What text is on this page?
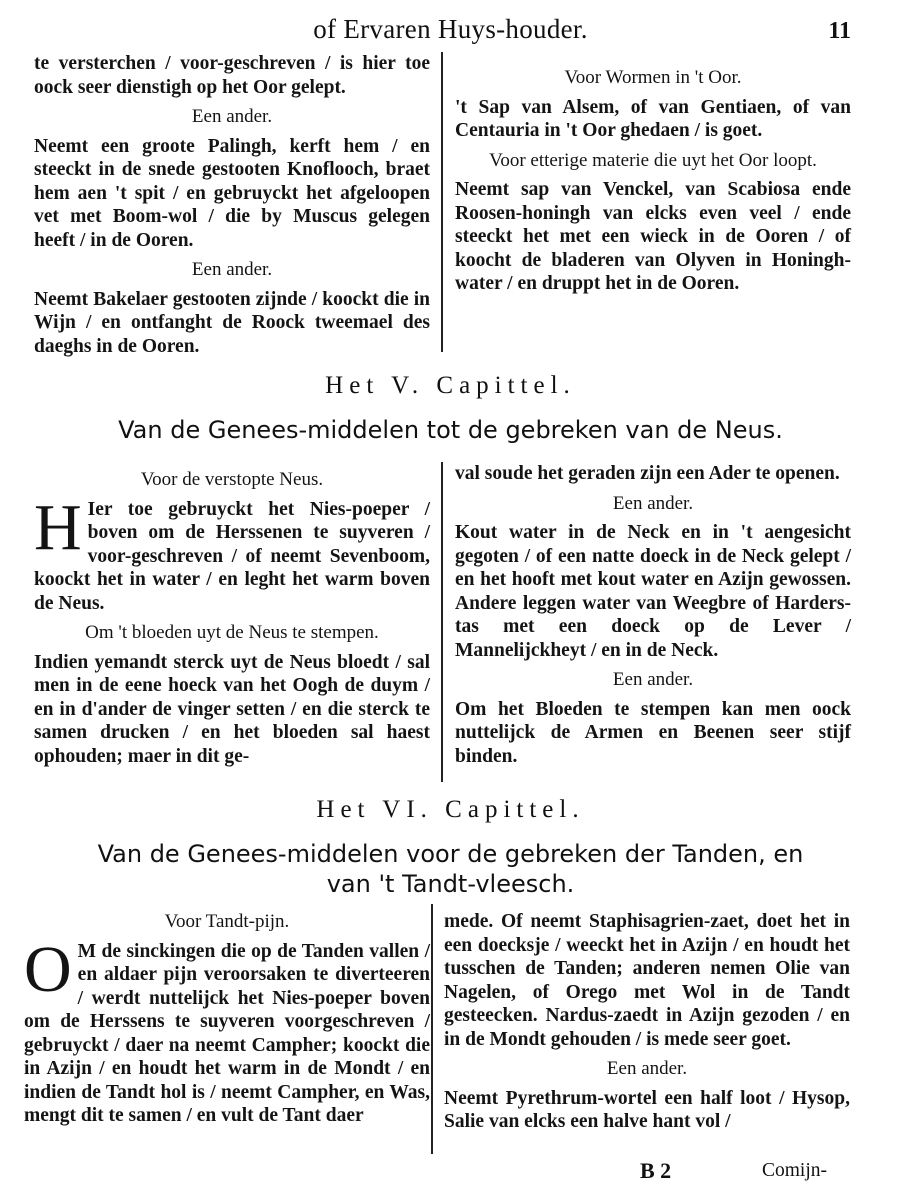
of Ervaren Huys-houder.	11

te versterchen / voor-geschreven / is hier toe oock seer dienstigh op het Oor gelept.

Een ander.

Neemt een groote Palingh, kerft hem / en steeckt in de snede gestooten Knoflooch, braet hem aen 't spit / en gebruyckt het afgeloopen vet met Boom-wol / die by Muscus gelegen heeft / in de Ooren.

Een ander.

Neemt Bakelaer gestooten zijnde / koockt die in Wijn / en ontfanght de Roock tweemael des daeghs in de Ooren.

Voor Wormen in 't Oor.

't Sap van Alsem, of van Gentiaen, of van Centauria in 't Oor ghedaen / is goet.

Voor etterige materie die uyt het Oor loopt.

Neemt sap van Venckel, van Scabiosa ende Roosen-honingh van elcks even veel / ende steeckt het met een wieck in de Ooren / of koocht de bladeren van Olyven in Honingh-water / en druppt het in de Ooren.

Het V. Capittel.
Van de Genees-middelen tot de gebreken van de Neus.
Voor de verstopte Neus.

H Ier toe gebruyckt het Nies-poeper / boven om de Herssenen te suyveren / voor-geschreven / of neemt Sevenboom, koockt het in water / en leght het warm boven de Neus.

Om 't bloeden uyt de Neus te stempen.

Indien yemandt sterck uyt de Neus bloedt / sal men in de eene hoeck van het Oogh de duym / en in d'ander de vinger setten / en die sterck te samen drucken / en het bloeden sal haest ophouden; maer in dit ge-

val soude het geraden zijn een Ader te openen.

Een ander.

Kout water in de Neck en in 't aengesicht gegoten / of een natte doeck in de Neck gelept / en het hooft met kout water en Azijn gewossen. Andere leggen water van Weegbre of Harders-tas met een doeck op de Lever / Mannelijckheyt / en in de Neck.

Een ander.

Om het Bloeden te stempen kan men oock nuttelijck de Armen en Beenen seer stijf binden.

Het VI. Capittel.
Van de Genees-middelen voor de gebreken der Tanden, en
van 't Tandt-vleesch.
Voor Tandt-pijn.

O M de sinckingen die op de Tanden vallen / en aldaer pijn veroorsaken te diverteeren / werdt nuttelijck het Nies-poeper boven om de Herssens te suyveren voorgeschreven / gebruyckt / daer na neemt Campher; koockt die in Azijn / en houdt het warm in de Mondt / en indien de Tandt hol is / neemt Campher, en Was, mengt dit te samen / en vult de Tant daer

mede. Of neemt Staphisagrien-zaet, doet het in een doecksje / weeckt het in Azijn / en houdt het tusschen de Tanden; anderen nemen Olie van Nagelen, of Orego met Wol in de Tandt gesteecken. Nardus-zaedt in Azijn gezoden / en in de Mondt gehouden / is mede seer goet.

Een ander.

Neemt Pyrethrum-wortel een half loot / Hysop, Salie van elcks een halve hant vol /

B 2	Comijn-
